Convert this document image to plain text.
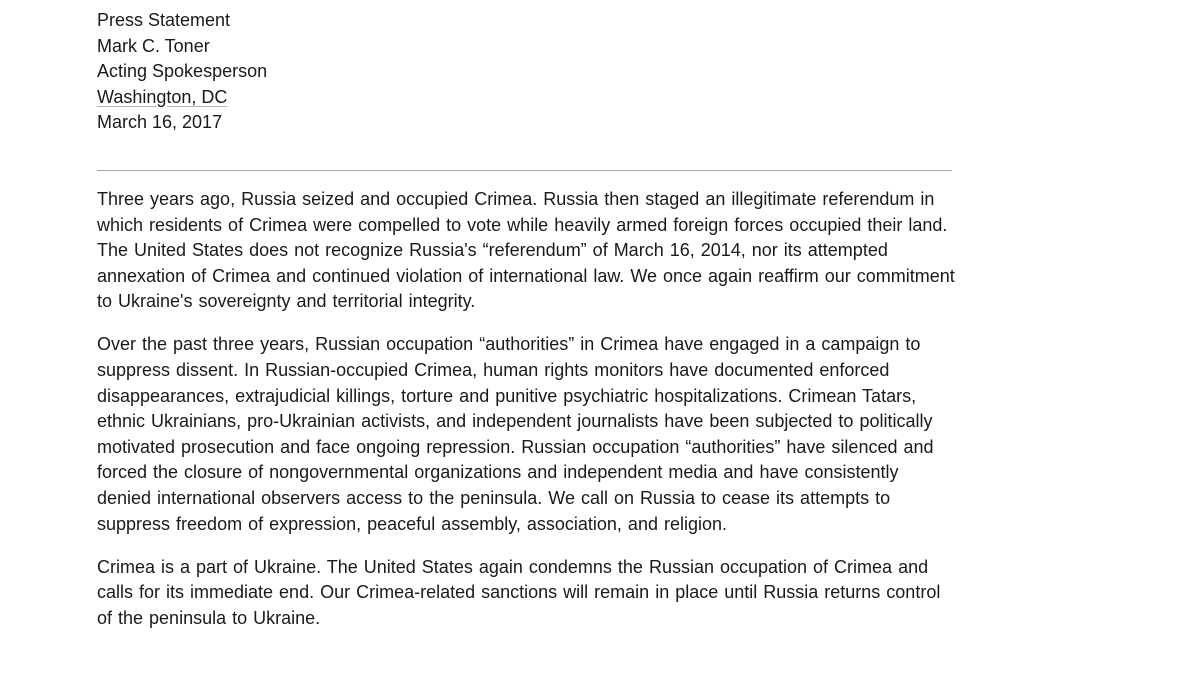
Press Statement

Mark C. Toner

Acting Spokesperson

Washington, DC

March 16, 2017

Three years ago, Russia seized and occupied Crimea. Russia then staged an illegitimate referendum in which residents of Crimea were compelled to vote while heavily armed foreign forces occupied their land. The United States does not recognize Russia's “referendum” of March 16, 2014, nor its attempted annexation of Crimea and continued violation of international law. We once again reaffirm our commitment to Ukraine's sovereignty and territorial integrity.

Over the past three years, Russian occupation “authorities” in Crimea have engaged in a campaign to suppress dissent. In Russian-occupied Crimea, human rights monitors have documented enforced disappearances, extrajudicial killings, torture and punitive psychiatric hospitalizations. Crimean Tatars, ethnic Ukrainians, pro-Ukrainian activists, and independent journalists have been subjected to politically motivated prosecution and face ongoing repression. Russian occupation “authorities” have silenced and forced the closure of nongovernmental organizations and independent media and have consistently denied international observers access to the peninsula. We call on Russia to cease its attempts to suppress freedom of expression, peaceful assembly, association, and religion.

Crimea is a part of Ukraine. The United States again condemns the Russian occupation of Crimea and calls for its immediate end. Our Crimea-related sanctions will remain in place until Russia returns control of the peninsula to Ukraine.
